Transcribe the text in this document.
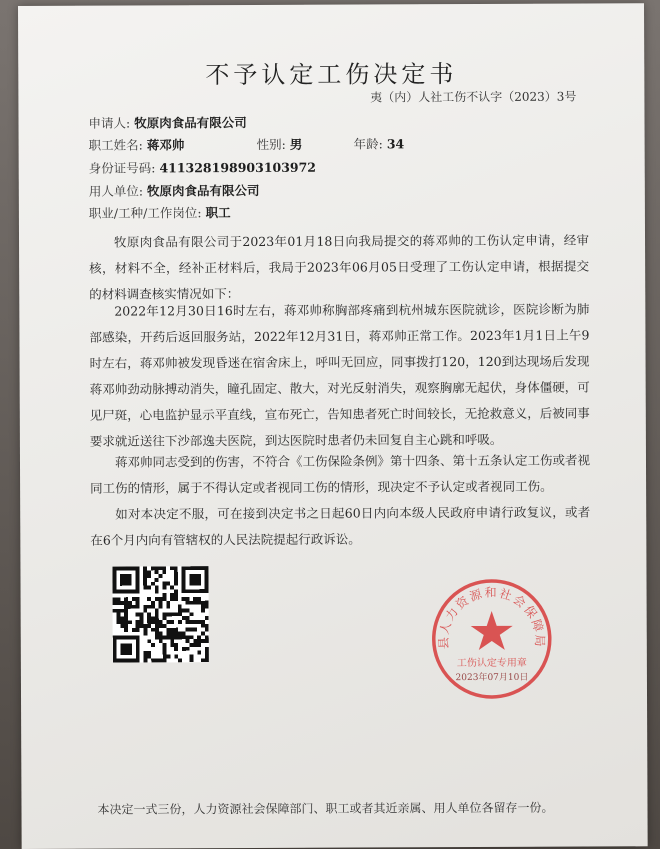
不予认定工伤决定书
夷（内）人社工伤不认字（2023）3号
申请人: 牧原肉食品有限公司
职工姓名: 蒋邓帅	性别: 男	年龄: 34
身份证号码: 411328198903103972
用人单位: 牧原肉食品有限公司
职业/工种/工作岗位: 职工
牧原肉食品有限公司于2023年01月18日向我局提交的蒋邓帅的工伤认定申请，经审核，材料不全，经补正材料后，我局于2023年06月05日受理了工伤认定申请，根据提交的材料调查核实情况如下：
2022年12月30日16时左右，蒋邓帅称胸部疼痛到杭州城东医院就诊，医院诊断为肺部感染，开药后返回服务站，2022年12月31日，蒋邓帅正常工作。2023年1月1日上午9时左右，蒋邓帅被发现昏迷在宿舍床上，呼叫无回应，同事拨打120，120到达现场后发现蒋邓帅劲动脉搏动消失，瞳孔固定、散大，对光反射消失，观察胸廓无起伏，身体僵硬，可见尸斑，心电监护显示平直线，宣布死亡，告知患者死亡时间较长，无抢救意义，后被同事要求就近送往下沙部逸夫医院，到达医院时患者仍未回复自主心跳和呼吸。
蒋邓帅同志受到的伤害，不符合《工伤保险条例》第十四条、第十五条认定工伤或者视同工伤的情形，属于不得认定或者视同工伤的情形，现决定不予认定或者视同工伤。
如对本决定不服，可在接到决定书之日起60日内向本级人民政府申请行政复议，或者在6个月内向有管辖权的人民法院提起行政诉讼。
县人力资源和社会保障局
工伤认定专用章
2023年07月10日
本决定一式三份，人力资源社会保障部门、职工或者其近亲属、用人单位各留存一份。
